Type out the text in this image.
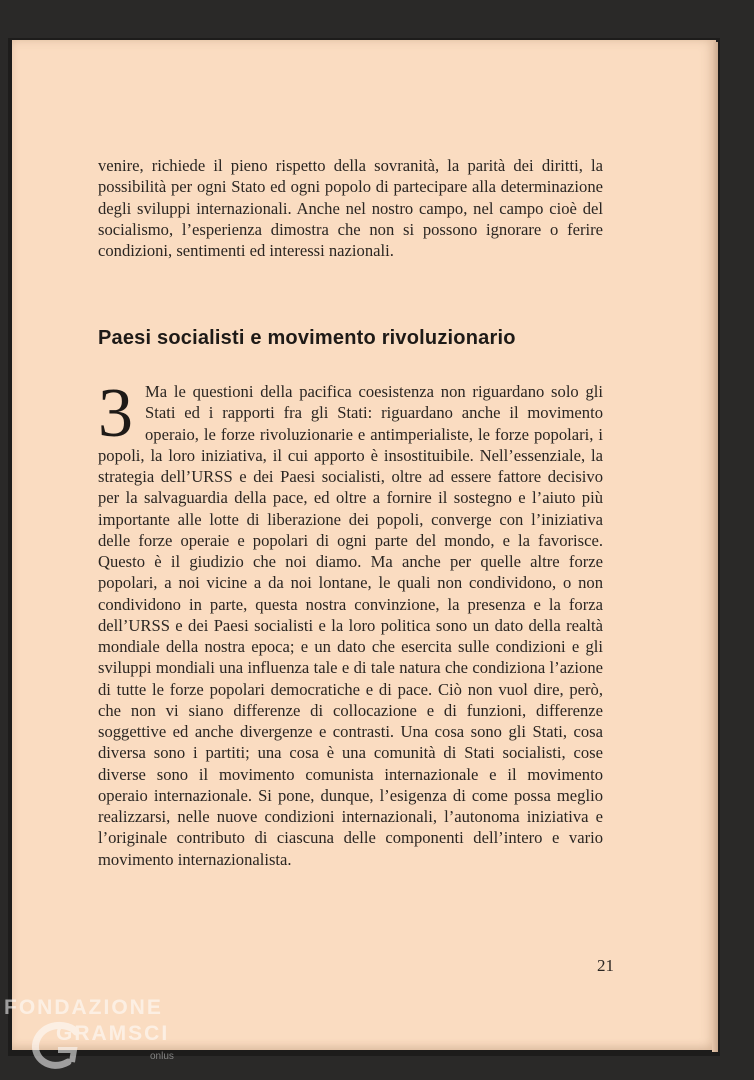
venire, richiede il pieno rispetto della sovranità, la parità dei diritti, la possibilità per ogni Stato ed ogni popolo di partecipare alla determinazione degli sviluppi internazionali. Anche nel nostro campo, nel campo cioè del socialismo, l’esperienza dimostra che non si possono ignorare o ferire condizioni, sentimenti ed interessi nazionali.

Paesi socialisti e movimento rivoluzionario
3 Ma le questioni della pacifica coesistenza non riguardano solo gli Stati ed i rapporti fra gli Stati: riguardano anche il movimento operaio, le forze rivoluzionarie e antimperialiste, le forze popolari, i popoli, la loro iniziativa, il cui apporto è insostituibile. Nell’essenziale, la strategia dell’URSS e dei Paesi socialisti, oltre ad essere fattore decisivo per la salvaguardia della pace, ed oltre a fornire il sostegno e l’aiuto più importante alle lotte di liberazione dei popoli, converge con l’iniziativa delle forze operaie e popolari di ogni parte del mondo, e la favorisce. Questo è il giudizio che noi diamo. Ma anche per quelle altre forze popolari, a noi vicine a da noi lontane, le quali non condividono, o non condividono in parte, questa nostra convinzione, la presenza e la forza dell’URSS e dei Paesi socialisti e la loro politica sono un dato della realtà mondiale della nostra epoca; e un dato che esercita sulle condizioni e gli sviluppi mondiali una influenza tale e di tale natura che condiziona l’azione di tutte le forze popolari democratiche e di pace. Ciò non vuol dire, però, che non vi siano differenze di collocazione e di funzioni, differenze soggettive ed anche divergenze e contrasti. Una cosa sono gli Stati, cosa diversa sono i partiti; una cosa è una comunità di Stati socialisti, cose diverse sono il movimento comunista internazionale e il movimento operaio internazionale. Si pone, dunque, l’esigenza di come possa meglio realizzarsi, nelle nuove condizioni internazionali, l’autonoma iniziativa e l’originale contributo di ciascuna delle componenti dell’intero e vario movimento internazionalista.

21
FONDAZIONE
GRAMSCI
onlus
